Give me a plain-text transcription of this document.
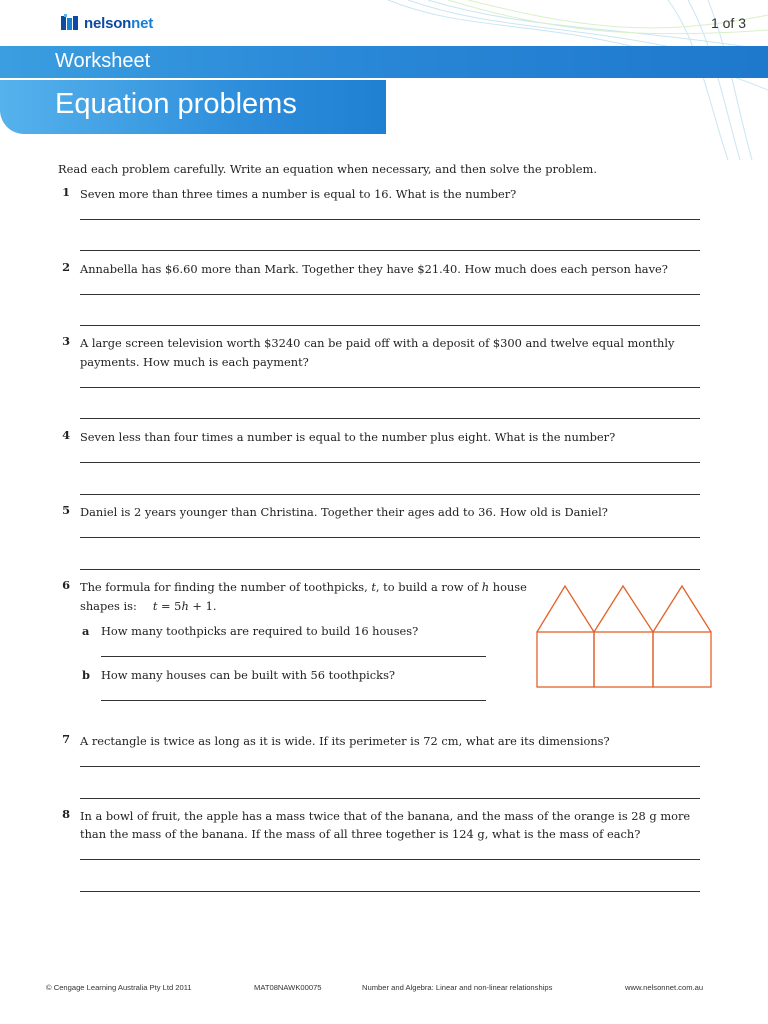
nelsonnet	1 of 3
Worksheet
Equation problems
Read each problem carefully. Write an equation when necessary, and then solve the problem.
1 Seven more than three times a number is equal to 16. What is the number?
2 Annabella has $6.60 more than Mark. Together they have $21.40. How much does each person have?
3 A large screen television worth $3240 can be paid off with a deposit of $300 and twelve equal monthly
payments. How much is each payment?
4 Seven less than four times a number is equal to the number plus eight. What is the number?
5 Daniel is 2 years younger than Christina. Together their ages add to 36. How old is Daniel?
6 The formula for finding the number of toothpicks, t, to build a row of h house
shapes is: t = 5h + 1.
a How many toothpicks are required to build 16 houses?
b How many houses can be built with 56 toothpicks?
7 A rectangle is twice as long as it is wide. If its perimeter is 72 cm, what are its dimensions?
8 In a bowl of fruit, the apple has a mass twice that of the banana, and the mass of the orange is 28 g more
than the mass of the banana. If the mass of all three together is 124 g, what is the mass of each?
© Cengage Learning Australia Pty Ltd 2011	MAT08NAWK00075	Number and Algebra: Linear and non-linear relationships	www.nelsonnet.com.au
